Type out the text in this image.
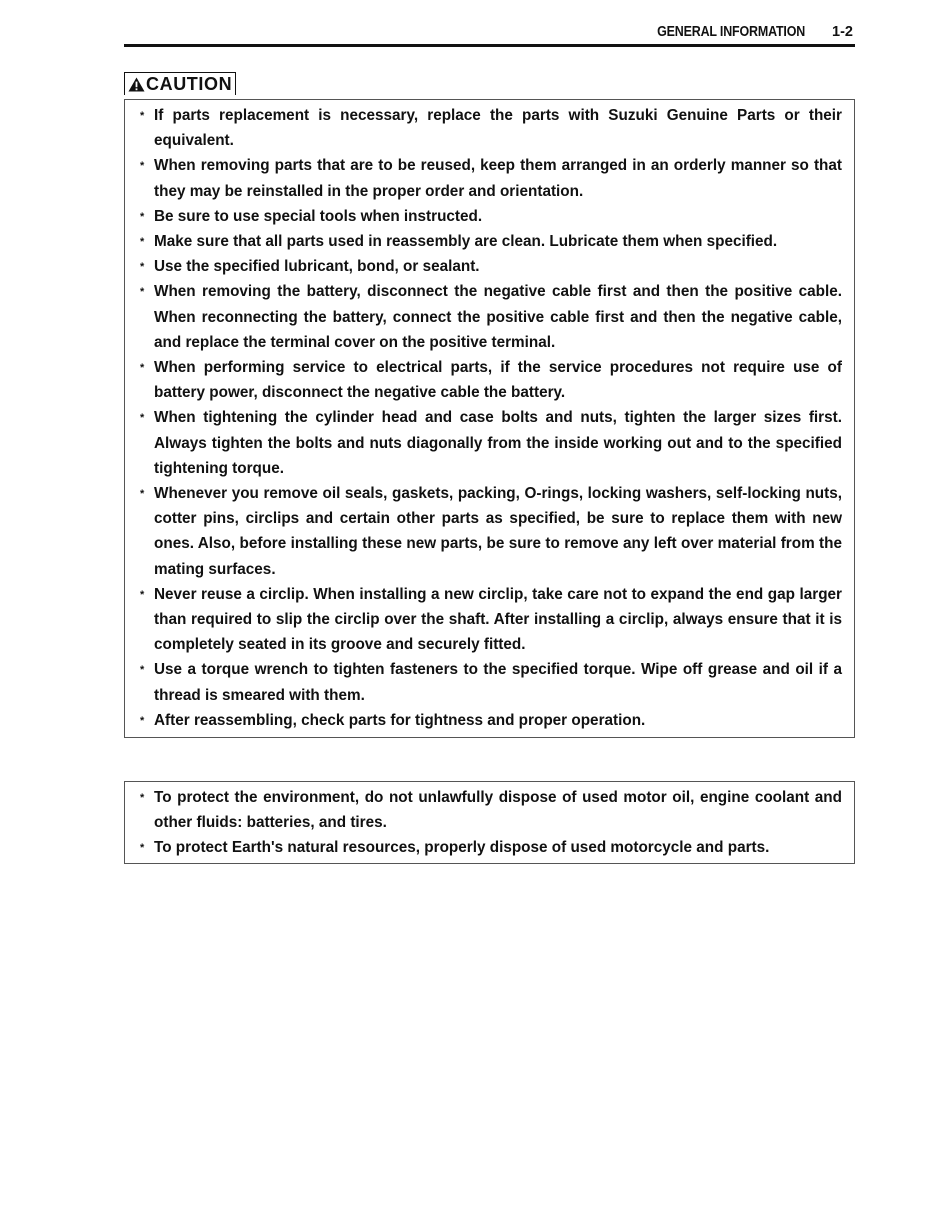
GENERAL INFORMATION 1-2
CAUTION
* If parts replacement is necessary, replace the parts with Suzuki Genuine Parts or their equivalent.
* When removing parts that are to be reused, keep them arranged in an orderly manner so that they may be reinstalled in the proper order and orientation.
* Be sure to use special tools when instructed.
* Make sure that all parts used in reassembly are clean. Lubricate them when specified.
* Use the specified lubricant, bond, or sealant.
* When removing the battery, disconnect the negative cable first and then the positive cable. When reconnecting the battery, connect the positive cable first and then the negative cable, and replace the terminal cover on the positive terminal.
* When performing service to electrical parts, if the service procedures not require use of battery power, disconnect the negative cable the battery.
* When tightening the cylinder head and case bolts and nuts, tighten the larger sizes first. Always tighten the bolts and nuts diagonally from the inside working out and to the specified tightening torque.
* Whenever you remove oil seals, gaskets, packing, O-rings, locking washers, self-locking nuts, cotter pins, circlips and certain other parts as specified, be sure to replace them with new ones. Also, before installing these new parts, be sure to remove any left over material from the mating surfaces.
* Never reuse a circlip. When installing a new circlip, take care not to expand the end gap larger than required to slip the circlip over the shaft. After installing a circlip, always ensure that it is completely seated in its groove and securely fitted.
* Use a torque wrench to tighten fasteners to the specified torque. Wipe off grease and oil if a thread is smeared with them.
* After reassembling, check parts for tightness and proper operation.
* To protect the environment, do not unlawfully dispose of used motor oil, engine coolant and other fluids: batteries, and tires.
* To protect Earth's natural resources, properly dispose of used motorcycle and parts.
